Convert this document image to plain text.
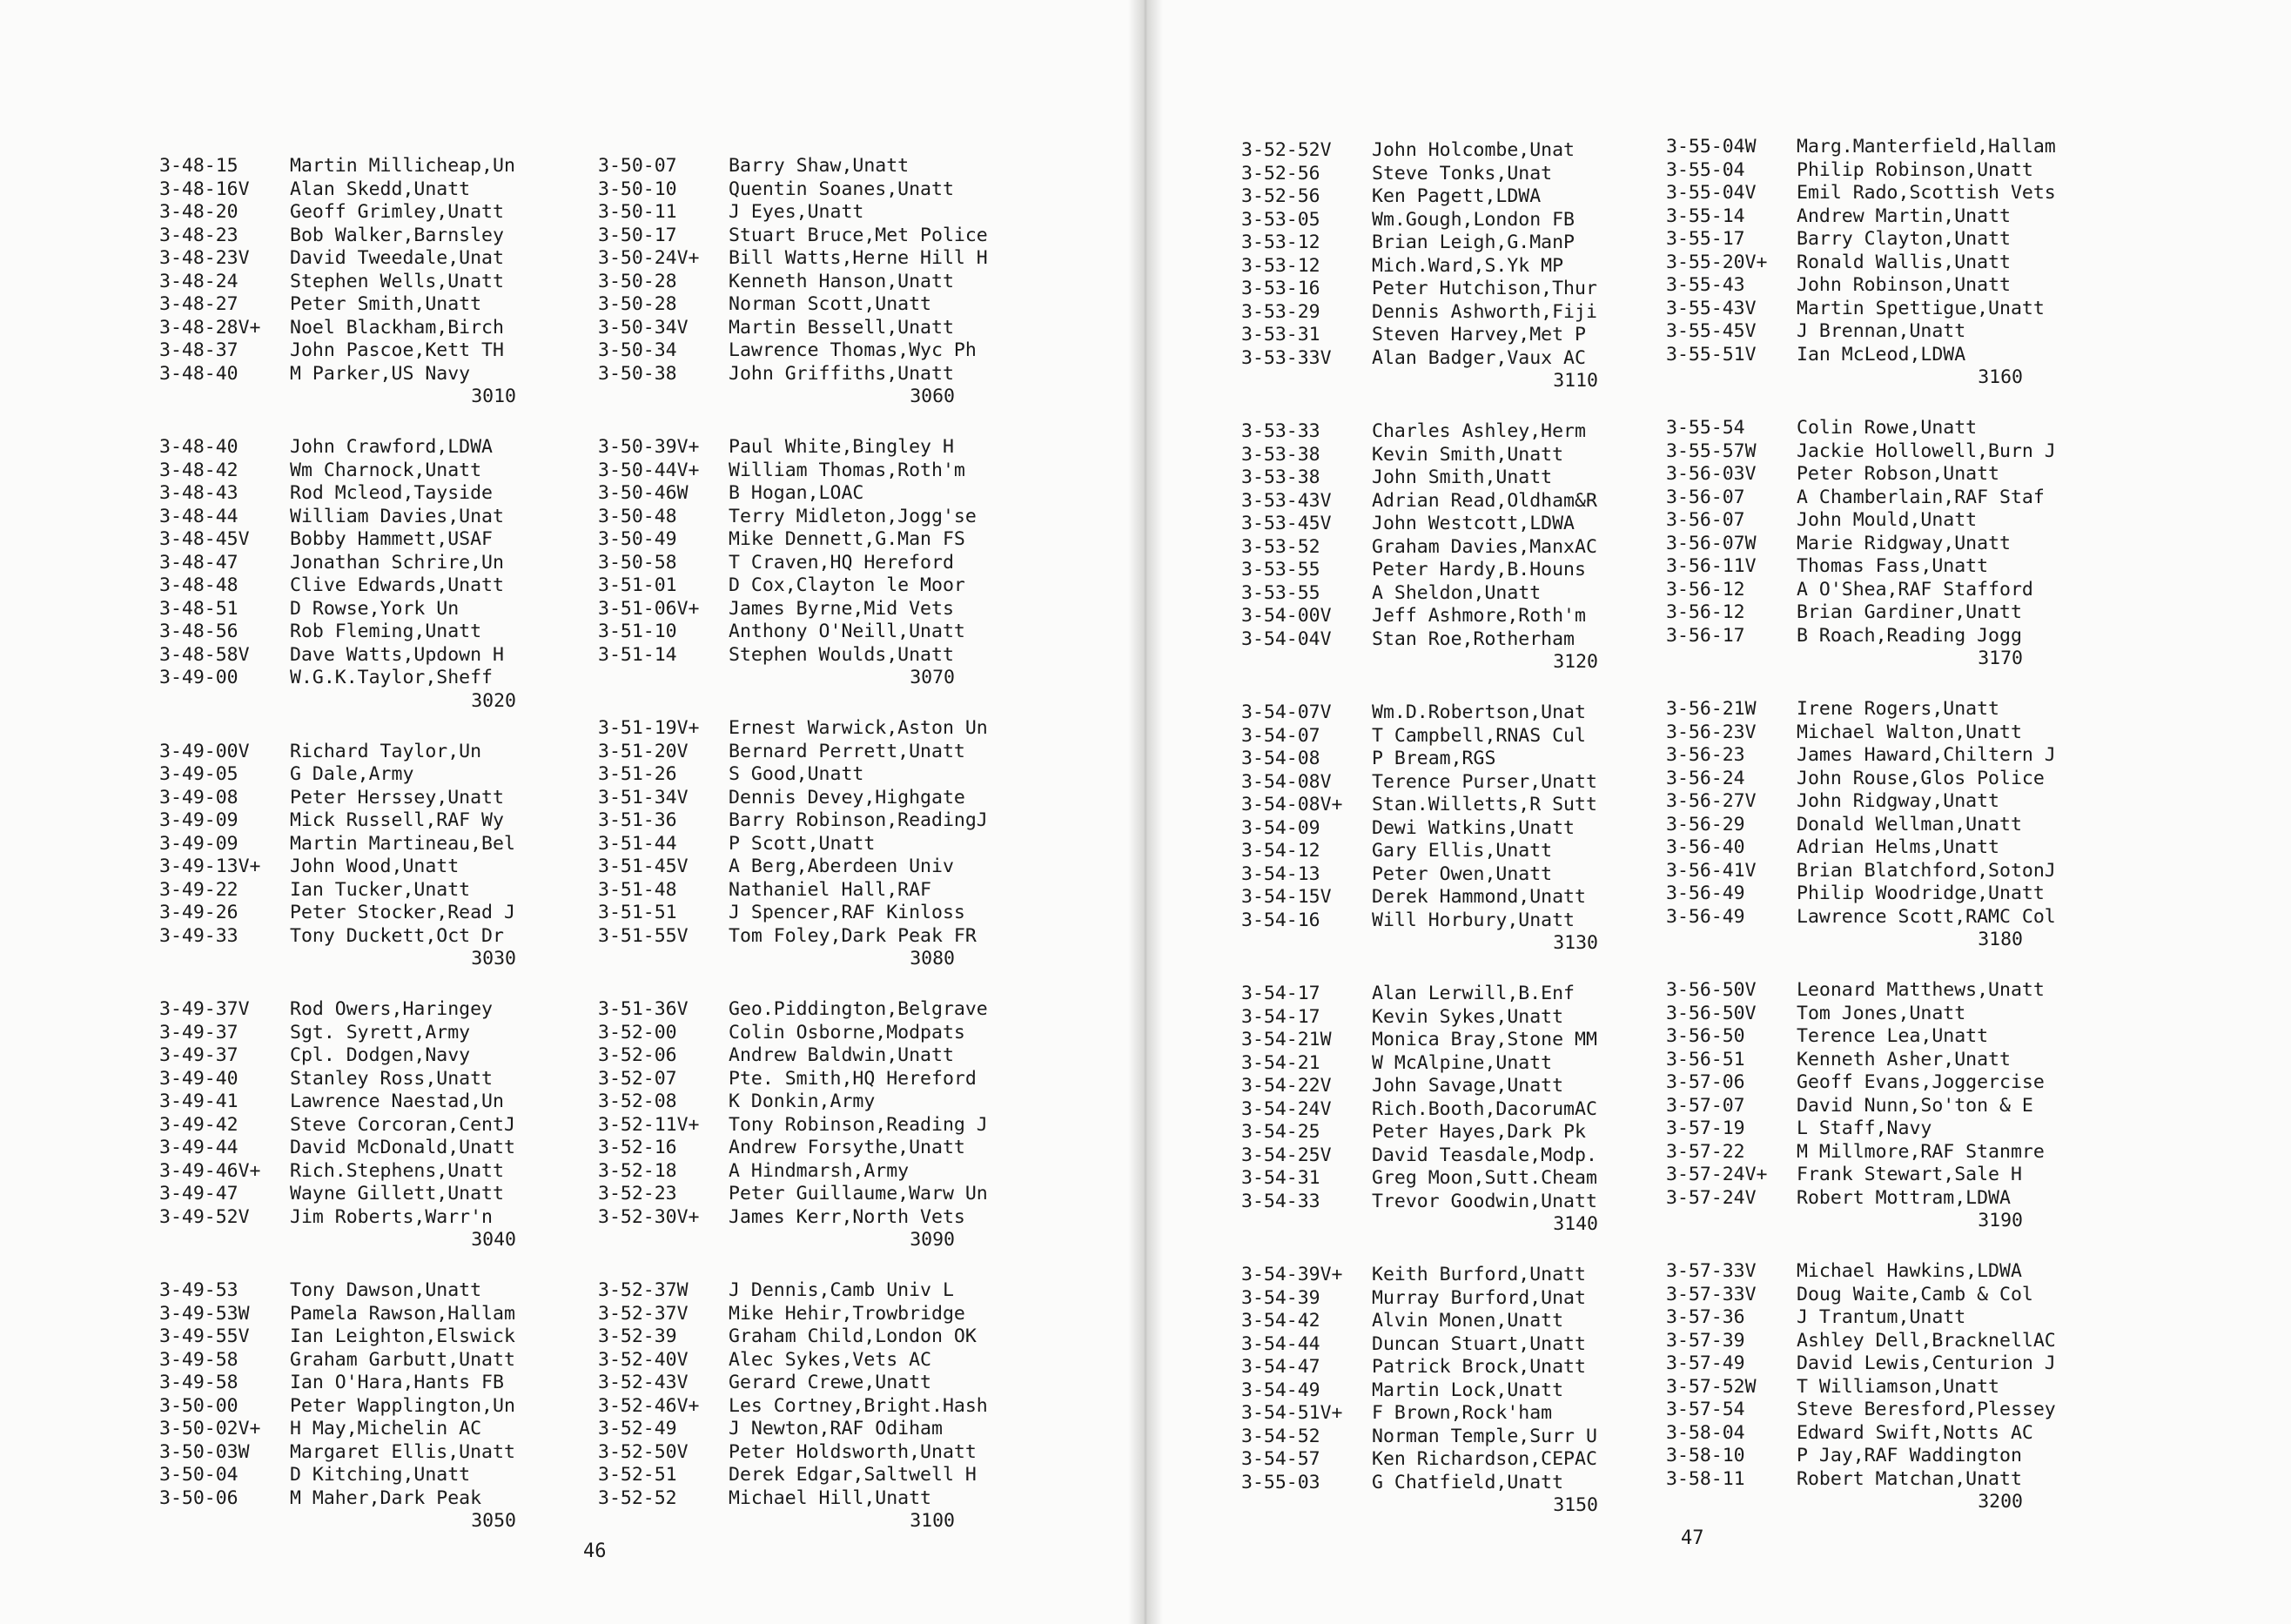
3-48-15	Martin Millicheap,Un
3-48-16V	Alan Skedd,Unatt
3-48-20	Geoff Grimley,Unatt
3-48-23	Bob Walker,Barnsley
3-48-23V	David Tweedale,Unat
3-48-24	Stephen Wells,Unatt
3-48-27	Peter Smith,Unatt
3-48-28V+	Noel Blackham,Birch
3-48-37	John Pascoe,Kett TH
3-48-40	M Parker,US Navy
3010
3-48-40	John Crawford,LDWA
3-48-42	Wm Charnock,Unatt
3-48-43	Rod Mcleod,Tayside
3-48-44	William Davies,Unat
3-48-45V	Bobby Hammett,USAF
3-48-47	Jonathan Schrire,Un
3-48-48	Clive Edwards,Unatt
3-48-51	D Rowse,York Un
3-48-56	Rob Fleming,Unatt
3-48-58V	Dave Watts,Updown H
3-49-00	W.G.K.Taylor,Sheff
3020
3-49-00V	Richard Taylor,Un
3-49-05	G Dale,Army
3-49-08	Peter Herssey,Unatt
3-49-09	Mick Russell,RAF Wy
3-49-09	Martin Martineau,Bel
3-49-13V+	John Wood,Unatt
3-49-22	Ian Tucker,Unatt
3-49-26	Peter Stocker,Read J
3-49-33	Tony Duckett,Oct Dr
3030
3-49-37V	Rod Owers,Haringey
3-49-37	Sgt. Syrett,Army
3-49-37	Cpl. Dodgen,Navy
3-49-40	Stanley Ross,Unatt
3-49-41	Lawrence Naestad,Un
3-49-42	Steve Corcoran,CentJ
3-49-44	David McDonald,Unatt
3-49-46V+	Rich.Stephens,Unatt
3-49-47	Wayne Gillett,Unatt
3-49-52V	Jim Roberts,Warr'n
3040
3-49-53	Tony Dawson,Unatt
3-49-53W	Pamela Rawson,Hallam
3-49-55V	Ian Leighton,Elswick
3-49-58	Graham Garbutt,Unatt
3-49-58	Ian O'Hara,Hants FB
3-50-00	Peter Wapplington,Un
3-50-02V+	H May,Michelin AC
3-50-03W	Margaret Ellis,Unatt
3-50-04	D Kitching,Unatt
3-50-06	M Maher,Dark Peak
3050
3-50-07	Barry Shaw,Unatt
3-50-10	Quentin Soanes,Unatt
3-50-11	J Eyes,Unatt
3-50-17	Stuart Bruce,Met Police
3-50-24V+	Bill Watts,Herne Hill H
3-50-28	Kenneth Hanson,Unatt
3-50-28	Norman Scott,Unatt
3-50-34V	Martin Bessell,Unatt
3-50-34	Lawrence Thomas,Wyc Ph
3-50-38	John Griffiths,Unatt
3060
3-50-39V+	Paul White,Bingley H
3-50-44V+	William Thomas,Roth'm
3-50-46W	B Hogan,LOAC
3-50-48	Terry Midleton,Jogg'se
3-50-49	Mike Dennett,G.Man FS
3-50-58	T Craven,HQ Hereford
3-51-01	D Cox,Clayton le Moor
3-51-06V+	James Byrne,Mid Vets
3-51-10	Anthony O'Neill,Unatt
3-51-14	Stephen Woulds,Unatt
3070
3-51-19V+	Ernest Warwick,Aston Un
3-51-20V	Bernard Perrett,Unatt
3-51-26	S Good,Unatt
3-51-34V	Dennis Devey,Highgate
3-51-36	Barry Robinson,ReadingJ
3-51-44	P Scott,Unatt
3-51-45V	A Berg,Aberdeen Univ
3-51-48	Nathaniel Hall,RAF
3-51-51	J Spencer,RAF Kinloss
3-51-55V	Tom Foley,Dark Peak FR
3080
3-51-36V	Geo.Piddington,Belgrave
3-52-00	Colin Osborne,Modpats
3-52-06	Andrew Baldwin,Unatt
3-52-07	Pte. Smith,HQ Hereford
3-52-08	K Donkin,Army
3-52-11V+	Tony Robinson,Reading J
3-52-16	Andrew Forsythe,Unatt
3-52-18	A Hindmarsh,Army
3-52-23	Peter Guillaume,Warw Un
3-52-30V+	James Kerr,North Vets
3090
3-52-37W	J Dennis,Camb Univ L
3-52-37V	Mike Hehir,Trowbridge
3-52-39	Graham Child,London OK
3-52-40V	Alec Sykes,Vets AC
3-52-43V	Gerard Crewe,Unatt
3-52-46V+	Les Cortney,Bright.Hash
3-52-49	J Newton,RAF Odiham
3-52-50V	Peter Holdsworth,Unatt
3-52-51	Derek Edgar,Saltwell H
3-52-52	Michael Hill,Unatt
3100
46
3-52-52V	John Holcombe,Unat
3-52-56	Steve Tonks,Unat
3-52-56	Ken Pagett,LDWA
3-53-05	Wm.Gough,London FB
3-53-12	Brian Leigh,G.ManP
3-53-12	Mich.Ward,S.Yk MP
3-53-16	Peter Hutchison,Thur
3-53-29	Dennis Ashworth,Fiji
3-53-31	Steven Harvey,Met P
3-53-33V	Alan Badger,Vaux AC
3110
3-53-33	Charles Ashley,Herm
3-53-38	Kevin Smith,Unatt
3-53-38	John Smith,Unatt
3-53-43V	Adrian Read,Oldham&R
3-53-45V	John Westcott,LDWA
3-53-52	Graham Davies,ManxAC
3-53-55	Peter Hardy,B.Houns
3-53-55	A Sheldon,Unatt
3-54-00V	Jeff Ashmore,Roth'm
3-54-04V	Stan Roe,Rotherham
3120
3-54-07V	Wm.D.Robertson,Unat
3-54-07	T Campbell,RNAS Cul
3-54-08	P Bream,RGS
3-54-08V	Terence Purser,Unatt
3-54-08V+	Stan.Willetts,R Sutt
3-54-09	Dewi Watkins,Unatt
3-54-12	Gary Ellis,Unatt
3-54-13	Peter Owen,Unatt
3-54-15V	Derek Hammond,Unatt
3-54-16	Will Horbury,Unatt
3130
3-54-17	Alan Lerwill,B.Enf
3-54-17	Kevin Sykes,Unatt
3-54-21W	Monica Bray,Stone MM
3-54-21	W McAlpine,Unatt
3-54-22V	John Savage,Unatt
3-54-24V	Rich.Booth,DacorumAC
3-54-25	Peter Hayes,Dark Pk
3-54-25V	David Teasdale,Modp.
3-54-31	Greg Moon,Sutt.Cheam
3-54-33	Trevor Goodwin,Unatt
3140
3-54-39V+	Keith Burford,Unatt
3-54-39	Murray Burford,Unat
3-54-42	Alvin Monen,Unatt
3-54-44	Duncan Stuart,Unatt
3-54-47	Patrick Brock,Unatt
3-54-49	Martin Lock,Unatt
3-54-51V+	F Brown,Rock'ham
3-54-52	Norman Temple,Surr U
3-54-57	Ken Richardson,CEPAC
3-55-03	G Chatfield,Unatt
3150
3-55-04W	Marg.Manterfield,Hallam
3-55-04	Philip Robinson,Unatt
3-55-04V	Emil Rado,Scottish Vets
3-55-14	Andrew Martin,Unatt
3-55-17	Barry Clayton,Unatt
3-55-20V+	Ronald Wallis,Unatt
3-55-43	John Robinson,Unatt
3-55-43V	Martin Spettigue,Unatt
3-55-45V	J Brennan,Unatt
3-55-51V	Ian McLeod,LDWA
3160
3-55-54	Colin Rowe,Unatt
3-55-57W	Jackie Hollowell,Burn J
3-56-03V	Peter Robson,Unatt
3-56-07	A Chamberlain,RAF Staf
3-56-07	John Mould,Unatt
3-56-07W	Marie Ridgway,Unatt
3-56-11V	Thomas Fass,Unatt
3-56-12	A O'Shea,RAF Stafford
3-56-12	Brian Gardiner,Unatt
3-56-17	B Roach,Reading Jogg
3170
3-56-21W	Irene Rogers,Unatt
3-56-23V	Michael Walton,Unatt
3-56-23	James Haward,Chiltern J
3-56-24	John Rouse,Glos Police
3-56-27V	John Ridgway,Unatt
3-56-29	Donald Wellman,Unatt
3-56-40	Adrian Helms,Unatt
3-56-41V	Brian Blatchford,SotonJ
3-56-49	Philip Woodridge,Unatt
3-56-49	Lawrence Scott,RAMC Col
3180
3-56-50V	Leonard Matthews,Unatt
3-56-50V	Tom Jones,Unatt
3-56-50	Terence Lea,Unatt
3-56-51	Kenneth Asher,Unatt
3-57-06	Geoff Evans,Joggercise
3-57-07	David Nunn,So'ton & E
3-57-19	L Staff,Navy
3-57-22	M Millmore,RAF Stanmre
3-57-24V+	Frank Stewart,Sale H
3-57-24V	Robert Mottram,LDWA
3190
3-57-33V	Michael Hawkins,LDWA
3-57-33V	Doug Waite,Camb & Col
3-57-36	J Trantum,Unatt
3-57-39	Ashley Dell,BracknellAC
3-57-49	David Lewis,Centurion J
3-57-52W	T Williamson,Unatt
3-57-54	Steve Beresford,Plessey
3-58-04	Edward Swift,Notts AC
3-58-10	P Jay,RAF Waddington
3-58-11	Robert Matchan,Unatt
3200
47
